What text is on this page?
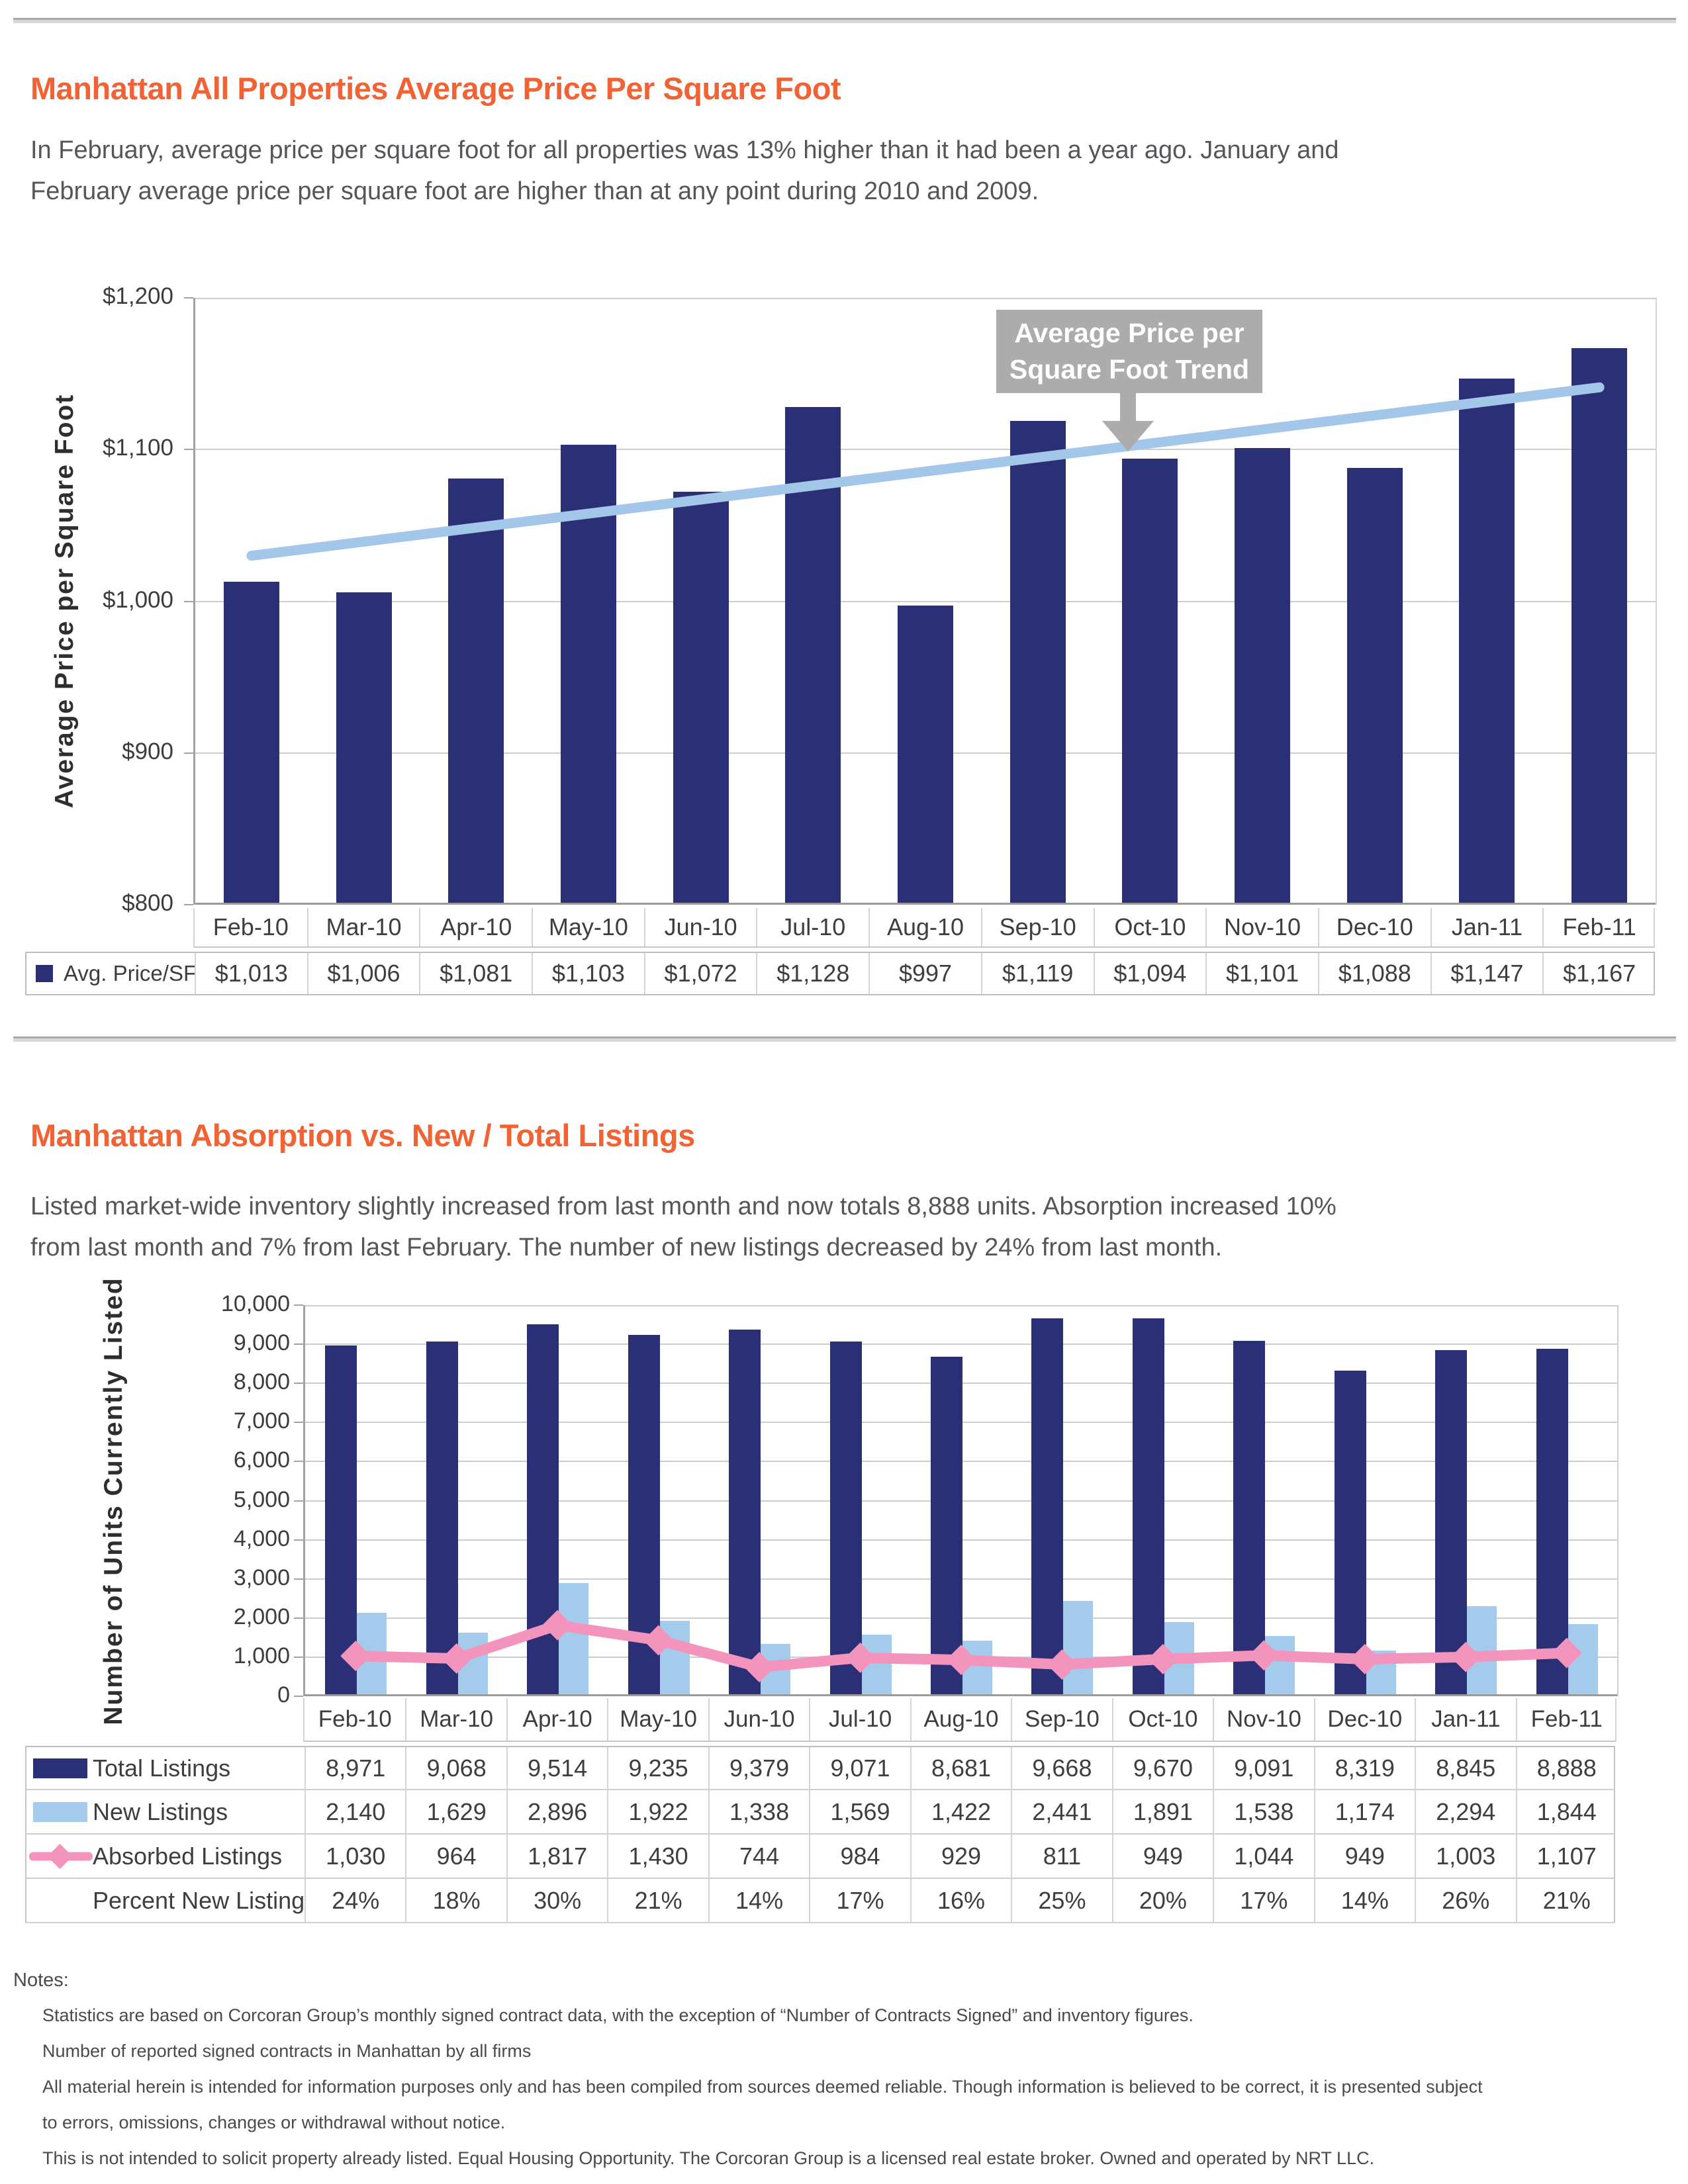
Manhattan All Properties Average Price Per Square Foot
In February, average price per square foot for all properties was 13% higher than it had been a year ago. January and
February average price per square foot are higher than at any point during 2010 and 2009.
Average Price per Square Foot
Average Price per
Square Foot Trend
Feb-10	Mar-10	Apr-10	May-10	Jun-10	Jul-10	Aug-10	Sep-10	Oct-10	Nov-10	Dec-10	Jan-11	Feb-11
Avg. Price/SF $1,013	$1,006	$1,081	$1,103	$1,072	$1,128	$997	$1,119	$1,094	$1,101	$1,088	$1,147	$1,167
Manhattan Absorption vs. New / Total Listings
Listed market-wide inventory slightly increased from last month and now totals 8,888 units. Absorption increased 10%
from last month and 7% from last February. The number of new listings decreased by 24% from last month.
Number of Units Currently Listed	Feb-10	Mar-10	Apr-10	May-10	Jun-10	Jul-10	Aug-10	Sep-10	Oct-10	Nov-10	Dec-10	Jan-11	Feb-11
Notes:
Statistics are based on Corcoran Group’s monthly signed contract data, with the exception of “Number of Contracts Signed” and inventory figures.
Number of reported signed contracts in Manhattan by all firms
All material herein is intended for information purposes only and has been compiled from sources deemed reliable. Though information is believed to be correct, it is presented subject
to errors, omissions, changes or withdrawal without notice.
This is not intended to solicit property already listed. Equal Housing Opportunity. The Corcoran Group is a licensed real estate broker. Owned and operated by NRT LLC.
$1,200
$1,100
$1,000
$900
$800
10,000
9,000
8,000
7,000
6,000
5,000
4,000
3,000
2,000
1,000
0
Total Listings	8,971	9,068	9,514	9,235	9,379	9,071	8,681	9,668	9,670	9,091	8,319	8,845	8,888
New Listings	2,140	1,629	2,896	1,922	1,338	1,569	1,422	2,441	1,891	1,538	1,174	2,294	1,844
Absorbed Listings	1,030	964	1,817	1,430	744	984	929	811	949	1,044	949	1,003	1,107
Percent New Listing	24%	18%	30%	21%	14%	17%	16%	25%	20%	17%	14%	26%	21%
